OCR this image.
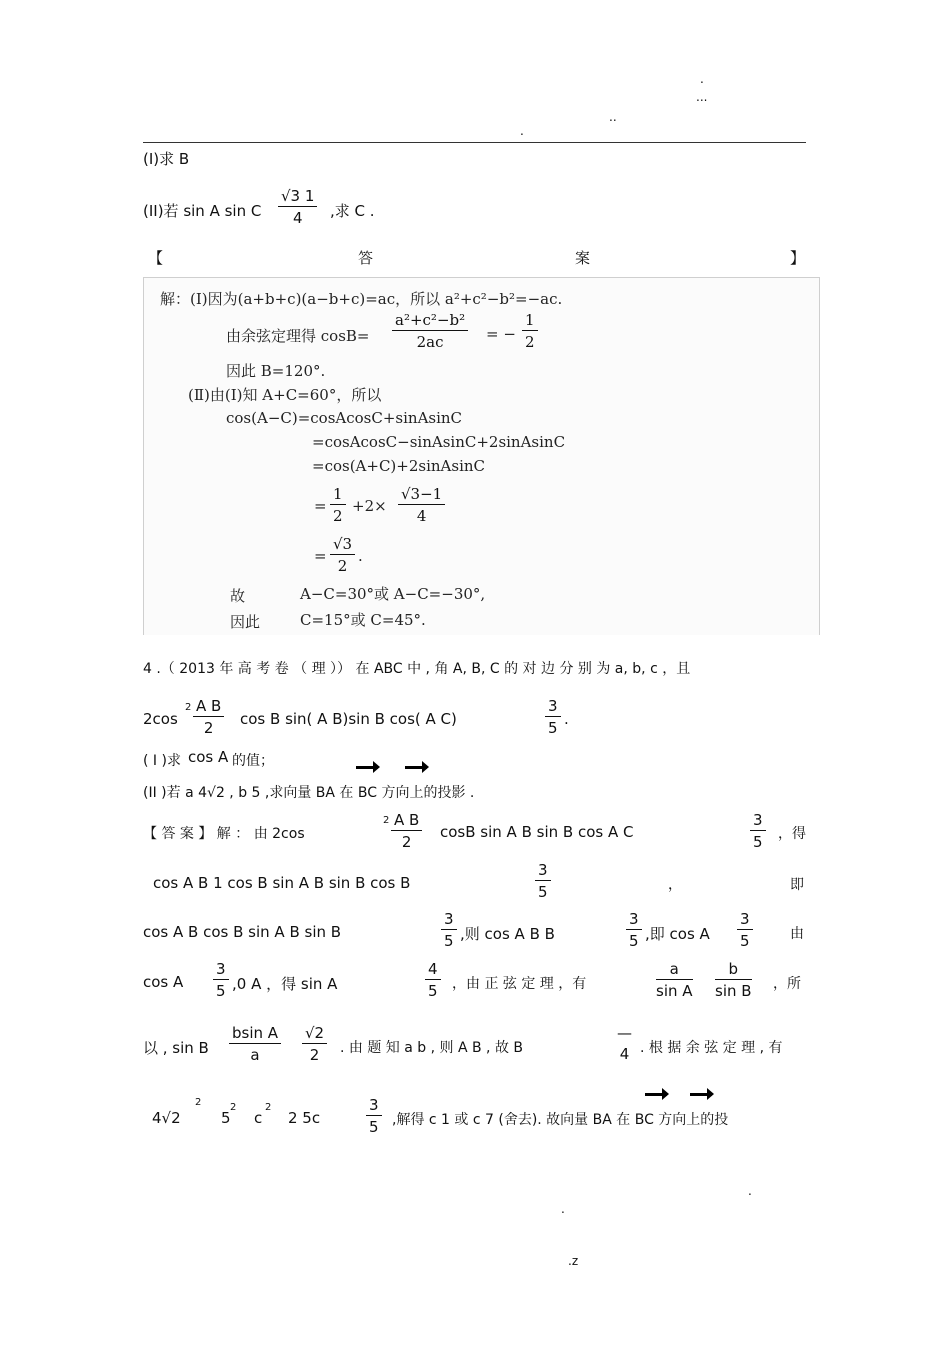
.
...
..
.
(I)求 B
(II)若 sin A sin C $\frac{√3 1}{4}$ ,求 C .
【	答	案	】
解：(Ⅰ)因为(a+b+c)(a−b+c)=ac，所以 a²+c²−b²=−ac.
由余弦定理得 $\cos B= \frac{\text{a²+c²−b²}}{2ac}$ = − $\frac{1}{2}$
因此 B=120°.
(Ⅱ)由(Ⅰ)知 A+C=60°，所以
cos(A−C)=cosAcosC+sinAsinC
=cosAcosC−sinAsinC+2sinAsinC
=cos(A+C)+2sinAsinC
= $\frac{1}{2} +2\times \frac{√3-1}{4}$
= $\frac{√3}{2}$ .
故	A−C=30°或 A−C=−30°,
因此	C=15°或 C=45°.
4 .（ 2013 年 高 考 卷 （ 理 ）） 在 ABC 中 , 角 A, B, C 的 对 边 分 别 为 a, b, c ，且
2cos
$2 \frac{\text{A B}}{2}$ cos B sin( A B)sin B cos( A C)	$\frac{3}{5}$ .
( I )求 cos A 的值；
(II )若 a 4√2 , b 5 ,求向量 BA 在 BC 方向上的投影 .
【 答 案 】 解 ： 由 2cos
$2 \frac{\text{A B}}{2}$ cosB sin A B sin B cos A C	$\frac{3}{5}$ ，得
cos A B 1 cos B sin A B sin B cos B	$\frac{3}{5}$	，	即
cos A B cos B sin A B sin B	$\frac{3}{5}$ ,则 cos A B B	$\frac{3}{5}$ ,即 cos A $\frac{3}{5}$	由
cos A $\frac{3}{5} ,0$ A ，得 sin A	$\frac{4}{5}$ ，由 正 弦 定 理 ，有	$\frac{a}{\text{sin A}} \frac{b}{\text{sin B}}$ ，所
以 , sin B $\frac{\text{bsin A}}{a} \frac{√2}{2}$ . 由 题 知 a b , 则 A B , 故 B
—
4 . 根 据 余 弦 定 理 , 有
4√2
2
5
2
c
2
2 5c	$\frac{3}{5}$ ,解得 c 1 或 c 7 (舍去). 故向量 BA 在 BC 方向上的投
.
.
.z
